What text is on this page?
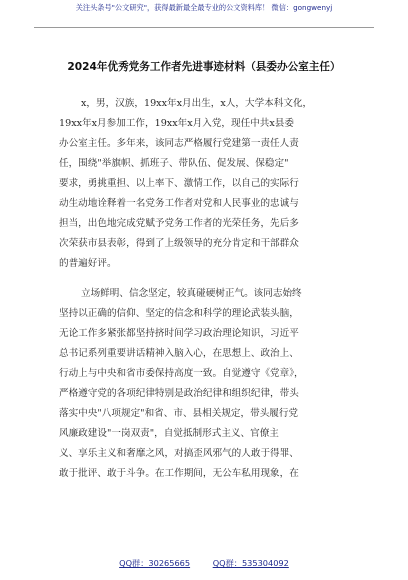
关注头条号"公文研究"，获得最新最全最专业的公文资料库！ 微信：gongwenyj
2024年优秀党务工作者先进事迹材料（县委办公室主任）
x，男，汉族，19xx年x月出生，x人，大学本科文化，
19xx年x月参加工作，19xx年x月入党，现任中共x县委
办公室主任。多年来，该同志严格履行党建第一责任人责
任，围绕"举旗帜、抓班子、带队伍、促发展、保稳定"
要求，勇挑重担、以上率下、激情工作，以自己的实际行
动生动地诠释着一名党务工作者对党和人民事业的忠诚与
担当，出色地完成党赋予党务工作者的光荣任务，先后多
次荣获市县表彰，得到了上级领导的充分肯定和干部群众
的普遍好评。
立场鲜明、信念坚定，较真碰硬树正气。该同志始终
坚持以正确的信仰、坚定的信念和科学的理论武装头脑，
无论工作多紧张都坚持挤时间学习政治理论知识，习近平
总书记系列重要讲话精神入脑入心，在思想上、政治上、
行动上与中央和省市委保持高度一致。自觉遵守《党章》，
严格遵守党的各项纪律特别是政治纪律和组织纪律，带头
落实中央"八项规定"和省、市、县相关规定，带头履行党
风廉政建设"一岗双责"，自觉抵制形式主义、官僚主
义、享乐主义和奢靡之风，对搞歪风邪气的人敢于得罪、
敢于批评、敢于斗争。在工作期间，无公车私用现象，在
QQ群：30265665	QQ群：535304092
